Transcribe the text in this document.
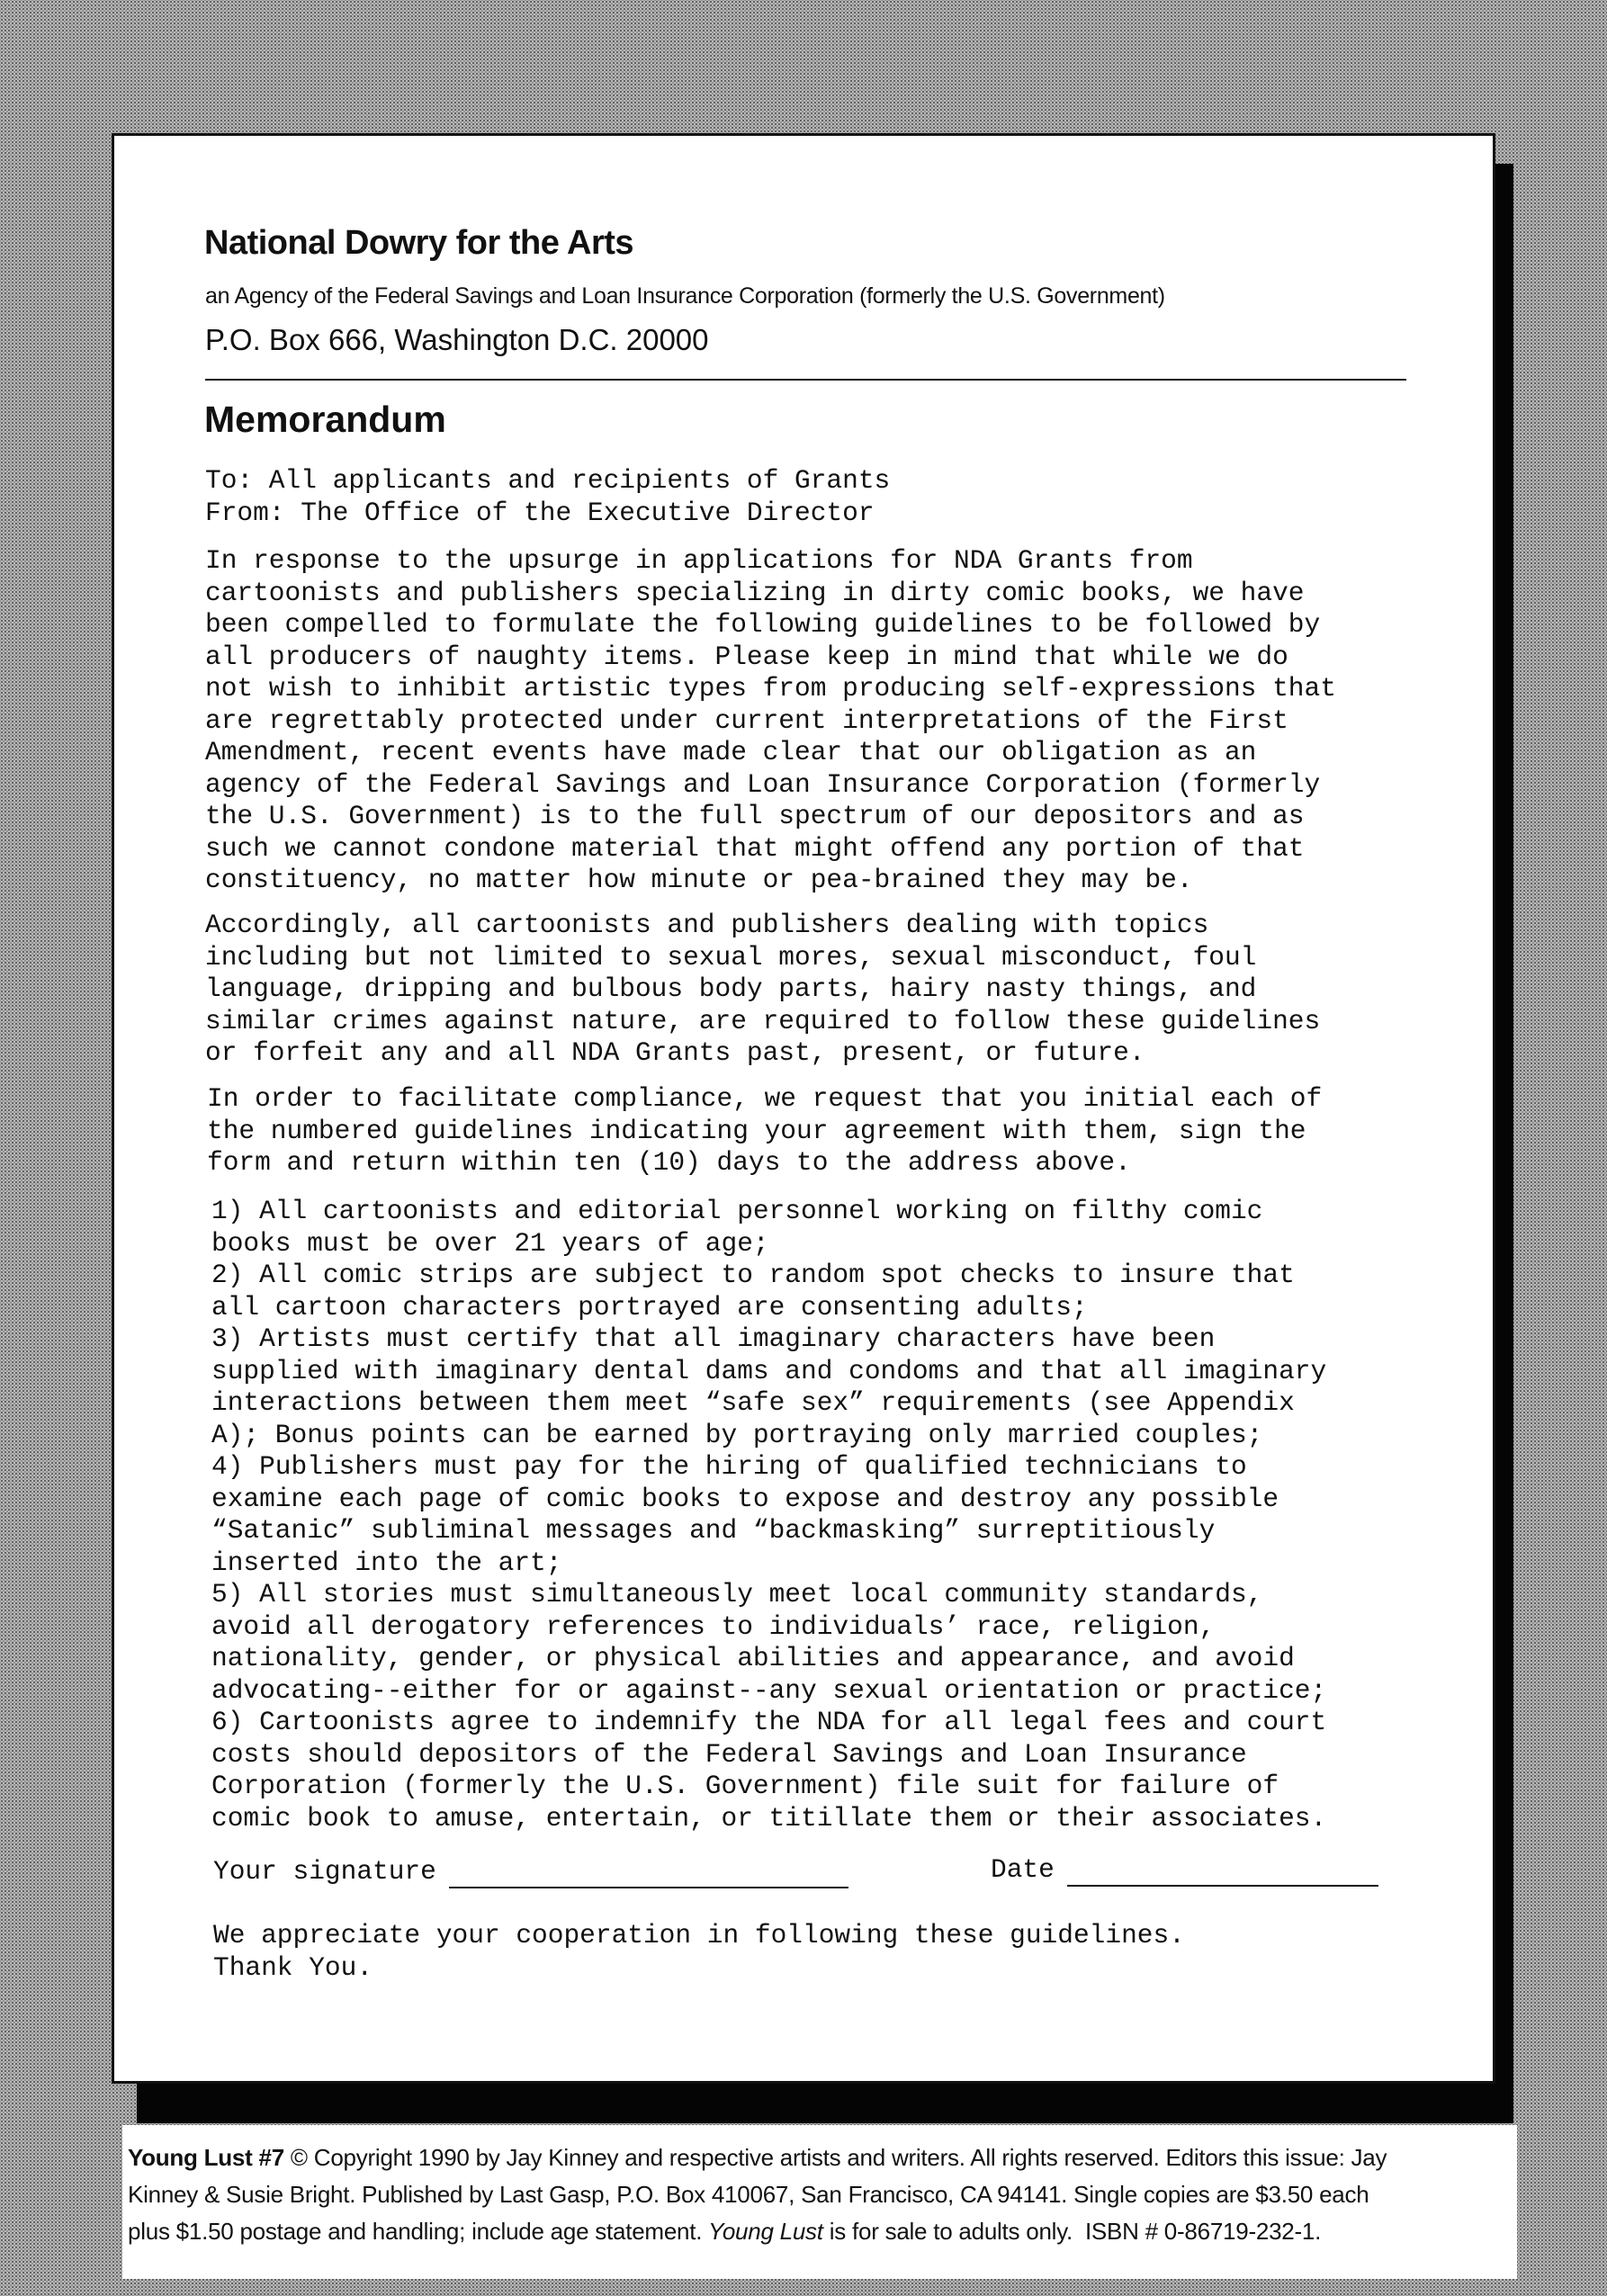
National Dowry for the Arts
an Agency of the Federal Savings and Loan Insurance Corporation (formerly the U.S. Government)
P.O. Box 666, Washington D.C. 20000
Memorandum
To: All applicants and recipients of Grants
From: The Office of the Executive Director
In response to the upsurge in applications for NDA Grants from
cartoonists and publishers specializing in dirty comic books, we have
been compelled to formulate the following guidelines to be followed by
all producers of naughty items. Please keep in mind that while we do
not wish to inhibit artistic types from producing self-expressions that
are regrettably protected under current interpretations of the First
Amendment, recent events have made clear that our obligation as an
agency of the Federal Savings and Loan Insurance Corporation (formerly
the U.S. Government) is to the full spectrum of our depositors and as
such we cannot condone material that might offend any portion of that
constituency, no matter how minute or pea-brained they may be.
Accordingly, all cartoonists and publishers dealing with topics
including but not limited to sexual mores, sexual misconduct, foul
language, dripping and bulbous body parts, hairy nasty things, and
similar crimes against nature, are required to follow these guidelines
or forfeit any and all NDA Grants past, present, or future.
In order to facilitate compliance, we request that you initial each of
the numbered guidelines indicating your agreement with them, sign the
form and return within ten (10) days to the address above.
1) All cartoonists and editorial personnel working on filthy comic
books must be over 21 years of age;
2) All comic strips are subject to random spot checks to insure that
all cartoon characters portrayed are consenting adults;
3) Artists must certify that all imaginary characters have been
supplied with imaginary dental dams and condoms and that all imaginary
interactions between them meet “safe sex” requirements (see Appendix
A); Bonus points can be earned by portraying only married couples;
4) Publishers must pay for the hiring of qualified technicians to
examine each page of comic books to expose and destroy any possible
“Satanic” subliminal messages and “backmasking” surreptitiously
inserted into the art;
5) All stories must simultaneously meet local community standards,
avoid all derogatory references to individuals’ race, religion,
nationality, gender, or physical abilities and appearance, and avoid
advocating--either for or against--any sexual orientation or practice;
6) Cartoonists agree to indemnify the NDA for all legal fees and court
costs should depositors of the Federal Savings and Loan Insurance
Corporation (formerly the U.S. Government) file suit for failure of
comic book to amuse, entertain, or titillate them or their associates.
Your signature	Date
We appreciate your cooperation in following these guidelines.
Thank You.
Young Lust #7 © Copyright 1990 by Jay Kinney and respective artists and writers. All rights reserved. Editors this issue: Jay
Kinney & Susie Bright. Published by Last Gasp, P.O. Box 410067, San Francisco, CA 94141. Single copies are $3.50 each
plus $1.50 postage and handling; include age statement. Young Lust is for sale to adults only.  ISBN # 0-86719-232-1.
